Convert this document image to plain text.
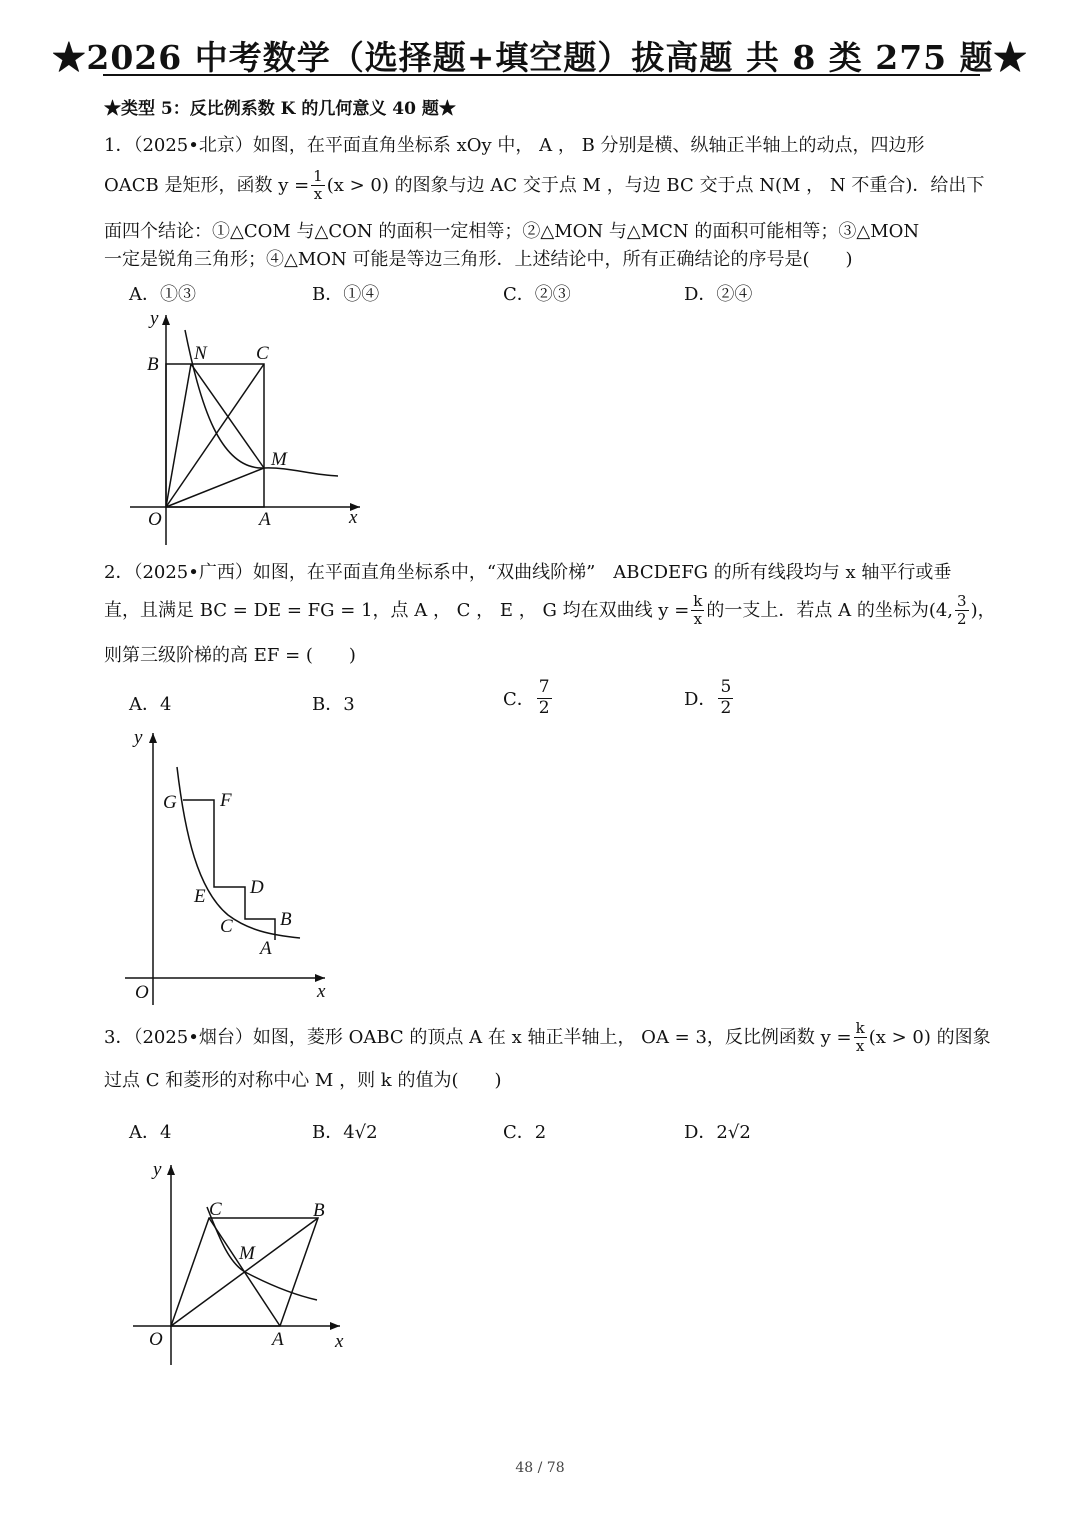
★2026 中考数学（选择题+填空题）拔高题 共 8 类 275 题★
★类型 5：反比例系数 K 的几何意义 40 题★
1．（2025•北京）如图，在平面直角坐标系 xOy 中， A ， B 分别是横、纵轴正半轴上的动点，四边形
OACB 是矩形，函数 $y = \frac{1}{x} (x > 0)$ 的图象与边 AC 交于点 M ，与边 BC 交于点 N(M ， N 不重合)．给出下
面四个结论：①△COM 与△CON 的面积一定相等；②△MON 与△MCN 的面积可能相等；③△MON
一定是锐角三角形；④△MON 可能是等边三角形．上述结论中，所有正确结论的序号是(　　)
A．①③	B．①④	C．②③	D．②④
y
B
N	C
M
O	A	x
2．（2025•广西）如图，在平面直角坐标系中，“双曲线阶梯”　ABCDEFG 的所有线段均与 x 轴平行或垂
直，且满足 BC = DE = FG = 1，点 A ， C ， E ， G 均在双曲线 $y = \frac{k}{x}$ 的一支上．若点 A 的坐标为(4, $\frac{3}{2}$ )，
则第三级阶梯的高 EF = (　　)
A．4	B．3	C． $\frac{7}{2}$	D． $\frac{5}{2}$
y
G F
D
E
C B
A
O	x
3．（2025•烟台）如图，菱形 OABC 的顶点 A 在 x 轴正半轴上， OA = 3，反比例函数 $y = \frac{k}{x} (x > 0)$ 的图象
过点 C 和菱形的对称中心 M ，则 k 的值为(　　)
A．4	B．4√2	C．2	D．2√2
y
C	B
M
O	A	x
48 / 78
